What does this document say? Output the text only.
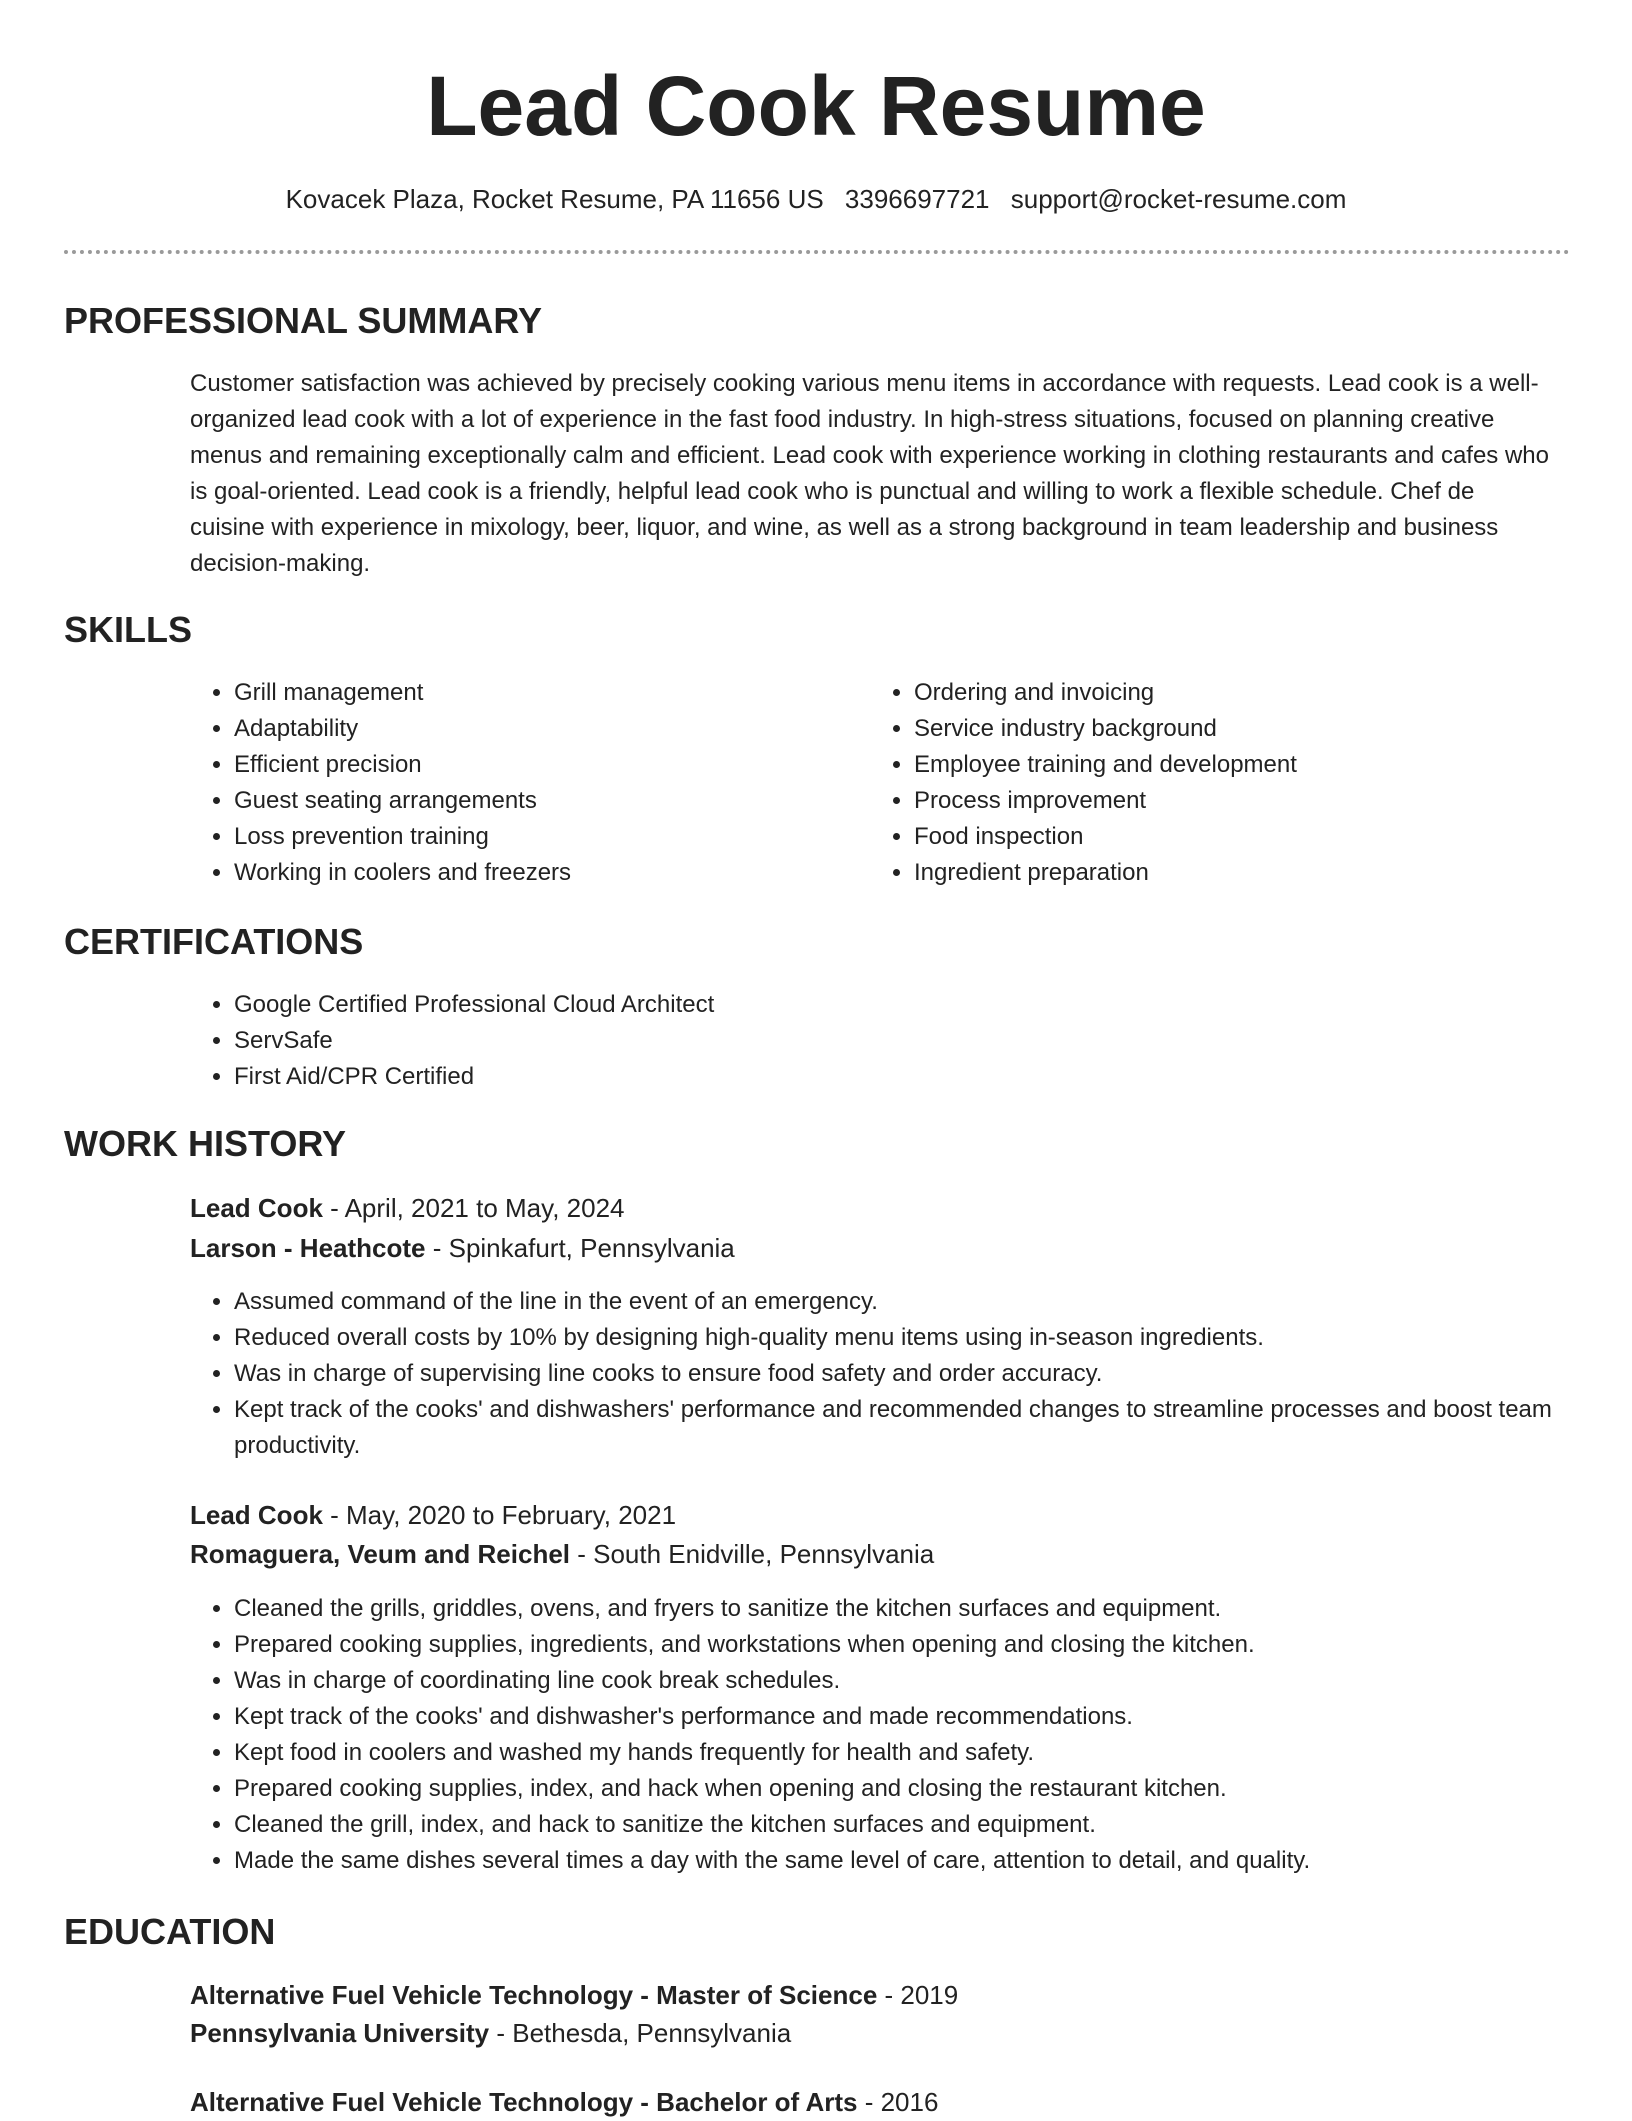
Lead Cook Resume
Kovacek Plaza, Rocket Resume, PA 11656 US 3396697721 support@rocket-resume.com
PROFESSIONAL SUMMARY

Customer satisfaction was achieved by precisely cooking various menu items in accordance with requests. Lead cook is a well-organized lead cook with a lot of experience in the fast food industry. In high-stress situations, focused on planning creative menus and remaining exceptionally calm and efficient. Lead cook with experience working in clothing restaurants and cafes who is goal-oriented. Lead cook is a friendly, helpful lead cook who is punctual and willing to work a flexible schedule. Chef de cuisine with experience in mixology, beer, liquor, and wine, as well as a strong background in team leadership and business decision-making.

SKILLS
• Grill management
• Adaptability
• Efficient precision
• Guest seating arrangements
• Loss prevention training
• Working in coolers and freezers
• Ordering and invoicing
• Service industry background
• Employee training and development
• Process improvement
• Food inspection
• Ingredient preparation
CERTIFICATIONS
• Google Certified Professional Cloud Architect
• ServSafe
• First Aid/CPR Certified
WORK HISTORY

Lead Cook - April, 2021 to May, 2024

Larson - Heathcote - Spinkafurt, Pennsylvania

• Assumed command of the line in the event of an emergency.
• Reduced overall costs by 10% by designing high-quality menu items using in-season ingredients.
• Was in charge of supervising line cooks to ensure food safety and order accuracy.
• Kept track of the cooks' and dishwashers' performance and recommended changes to streamline processes and boost team productivity.

Lead Cook - May, 2020 to February, 2021

Romaguera, Veum and Reichel - South Enidville, Pennsylvania

• Cleaned the grills, griddles, ovens, and fryers to sanitize the kitchen surfaces and equipment.
• Prepared cooking supplies, ingredients, and workstations when opening and closing the kitchen.
• Was in charge of coordinating line cook break schedules.
• Kept track of the cooks' and dishwasher's performance and made recommendations.
• Kept food in coolers and washed my hands frequently for health and safety.
• Prepared cooking supplies, index, and hack when opening and closing the restaurant kitchen.
• Cleaned the grill, index, and hack to sanitize the kitchen surfaces and equipment.
• Made the same dishes several times a day with the same level of care, attention to detail, and quality.
EDUCATION

Alternative Fuel Vehicle Technology - Master of Science - 2019

Pennsylvania University - Bethesda, Pennsylvania

Alternative Fuel Vehicle Technology - Bachelor of Arts - 2016
